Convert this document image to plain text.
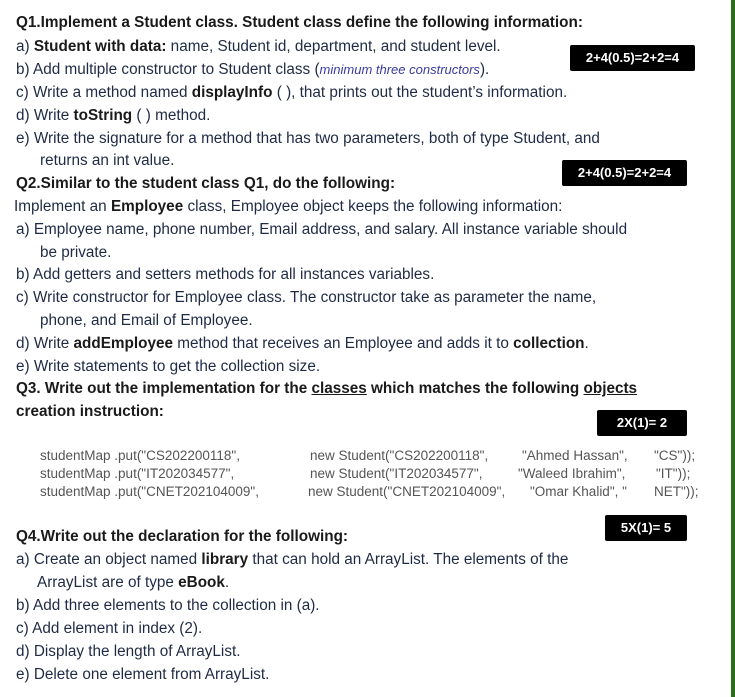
Q1.Implement a Student class. Student class define the following information:
a) Student with data: name, Student id, department, and student level.
2+4(0.5)=2+2=4
b) Add multiple constructor to Student class (minimum three constructors).
c) Write a method named displayInfo ( ), that prints out the student’s information.
d) Write toString ( ) method.
e) Write the signature for a method that has two parameters, both of type Student, and
returns an int value.
2+4(0.5)=2+2=4
Q2.Similar to the student class Q1, do the following:
Implement an Employee class, Employee object keeps the following information:
a) Employee name, phone number, Email address, and salary. All instance variable should
be private.
b) Add getters and setters methods for all instances variables.
c) Write constructor for Employee class. The constructor take as parameter the name,
phone, and Email of Employee.
d) Write addEmployee method that receives an Employee and adds it to collection.
e) Write statements to get the collection size.
Q3. Write out the implementation for the classes which matches the following objects
creation instruction:
2X(1)= 2
studentMap .put("CS202200118",
studentMap .put("IT202034577",
studentMap .put("CNET202104009",
new Student("CS202200118",
new Student("IT202034577",
new Student("CNET202104009",
"Ahmed Hassan",
"Waleed Ibrahim",
"Omar Khalid", "
"CS"));
"IT"));
NET"));
5X(1)= 5
Q4.Write out the declaration for the following:
a) Create an object named library that can hold an ArrayList. The elements of the
ArrayList are of type eBook.
b) Add three elements to the collection in (a).
c) Add element in index (2).
d) Display the length of ArrayList.
e) Delete one element from ArrayList.
